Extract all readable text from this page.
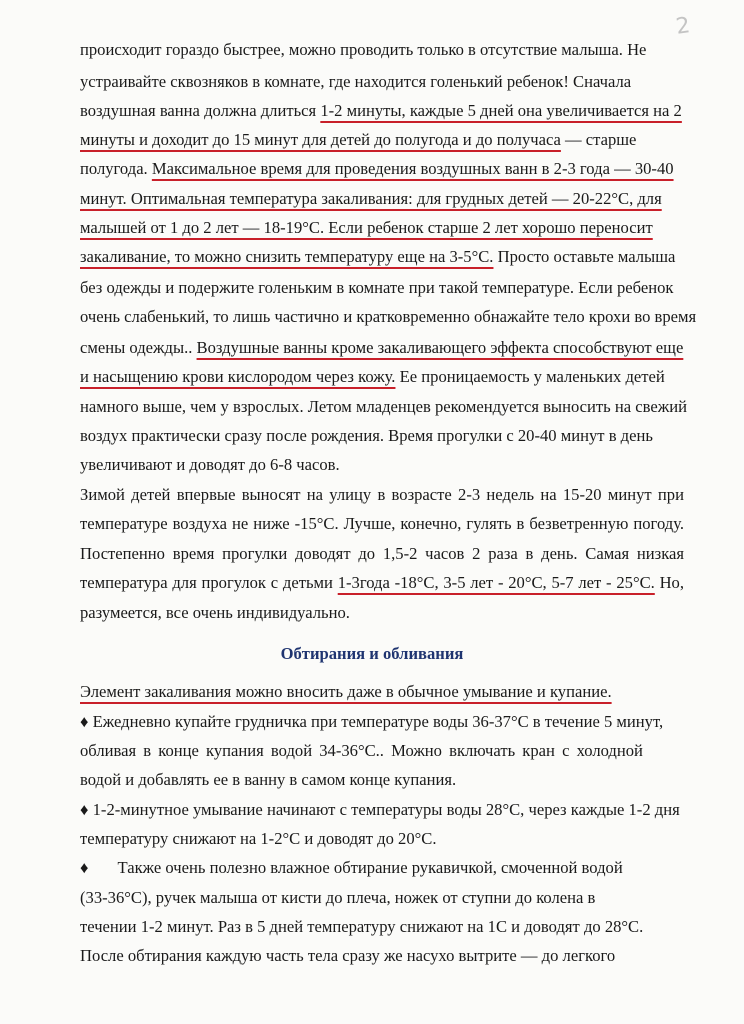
2
происходит гораздо быстрее, можно проводить только в отсутствие малыша. Не
устраивайте сквозняков в комнате, где находится голенький ребенок! Сначала
воздушная ванна должна длиться 1-2 минуты, каждые 5 дней она увеличивается на 2
минуты и доходит до 15 минут для детей до полугода и до получаса — старше
полугода. Максимальное время для проведения воздушных ванн в 2-3 года — 30-40
минут. Оптимальная температура закаливания: для грудных детей — 20-22°С, для
малышей от 1 до 2 лет — 18-19°С. Если ребенок старше 2 лет хорошо переносит
закаливание, то можно снизить температуру еще на 3-5°С. Просто оставьте малыша
без одежды и подержите голеньким в комнате при такой температуре. Если ребенок
очень слабенький, то лишь частично и кратковременно обнажайте тело крохи во время
смены одежды.. Воздушные ванны кроме закаливающего эффекта способствуют еще
и насыщению крови кислородом через кожу. Ее проницаемость у маленьких детей
намного выше, чем у взрослых. Летом младенцев рекомендуется выносить на свежий
воздух практически сразу после рождения. Время прогулки с 20-40 минут в день
увеличивают и доводят до 6-8 часов.
Зимой детей впервые выносят на улицу в возрасте 2-3 недель на 15-20 минут при
температуре воздуха не ниже -15°С. Лучше, конечно, гулять в безветренную погоду.
Постепенно время прогулки доводят до 1,5-2 часов 2 раза в день. Самая низкая
температура для прогулок с детьми 1-3года -18°С, 3-5 лет - 20°С, 5-7 лет - 25°С. Но,
разумеется, все очень индивидуально.
Обтирания и обливания
Элемент закаливания можно вносить даже в обычное умывание и купание.
♦ Ежедневно купайте грудничка при температуре воды 36-37°С в течение 5 минут,
обливая в конце купания водой 34-36°С.. Можно включать кран с холодной
водой и добавлять ее в ванну в самом конце купания.
♦ 1-2-минутное умывание начинают с температуры воды 28°С, через каждые 1-2 дня
температуру снижают на 1-2°С и доводят до 20°С.
♦       Также очень полезно влажное обтирание рукавичкой, смоченной водой
(33-36°С), ручек малыша от кисти до плеча, ножек от ступни до колена в
течении 1-2 минут. Раз в 5 дней температуру снижают на 1С и доводят до 28°С.
После обтирания каждую часть тела сразу же насухо вытрите — до легкого
